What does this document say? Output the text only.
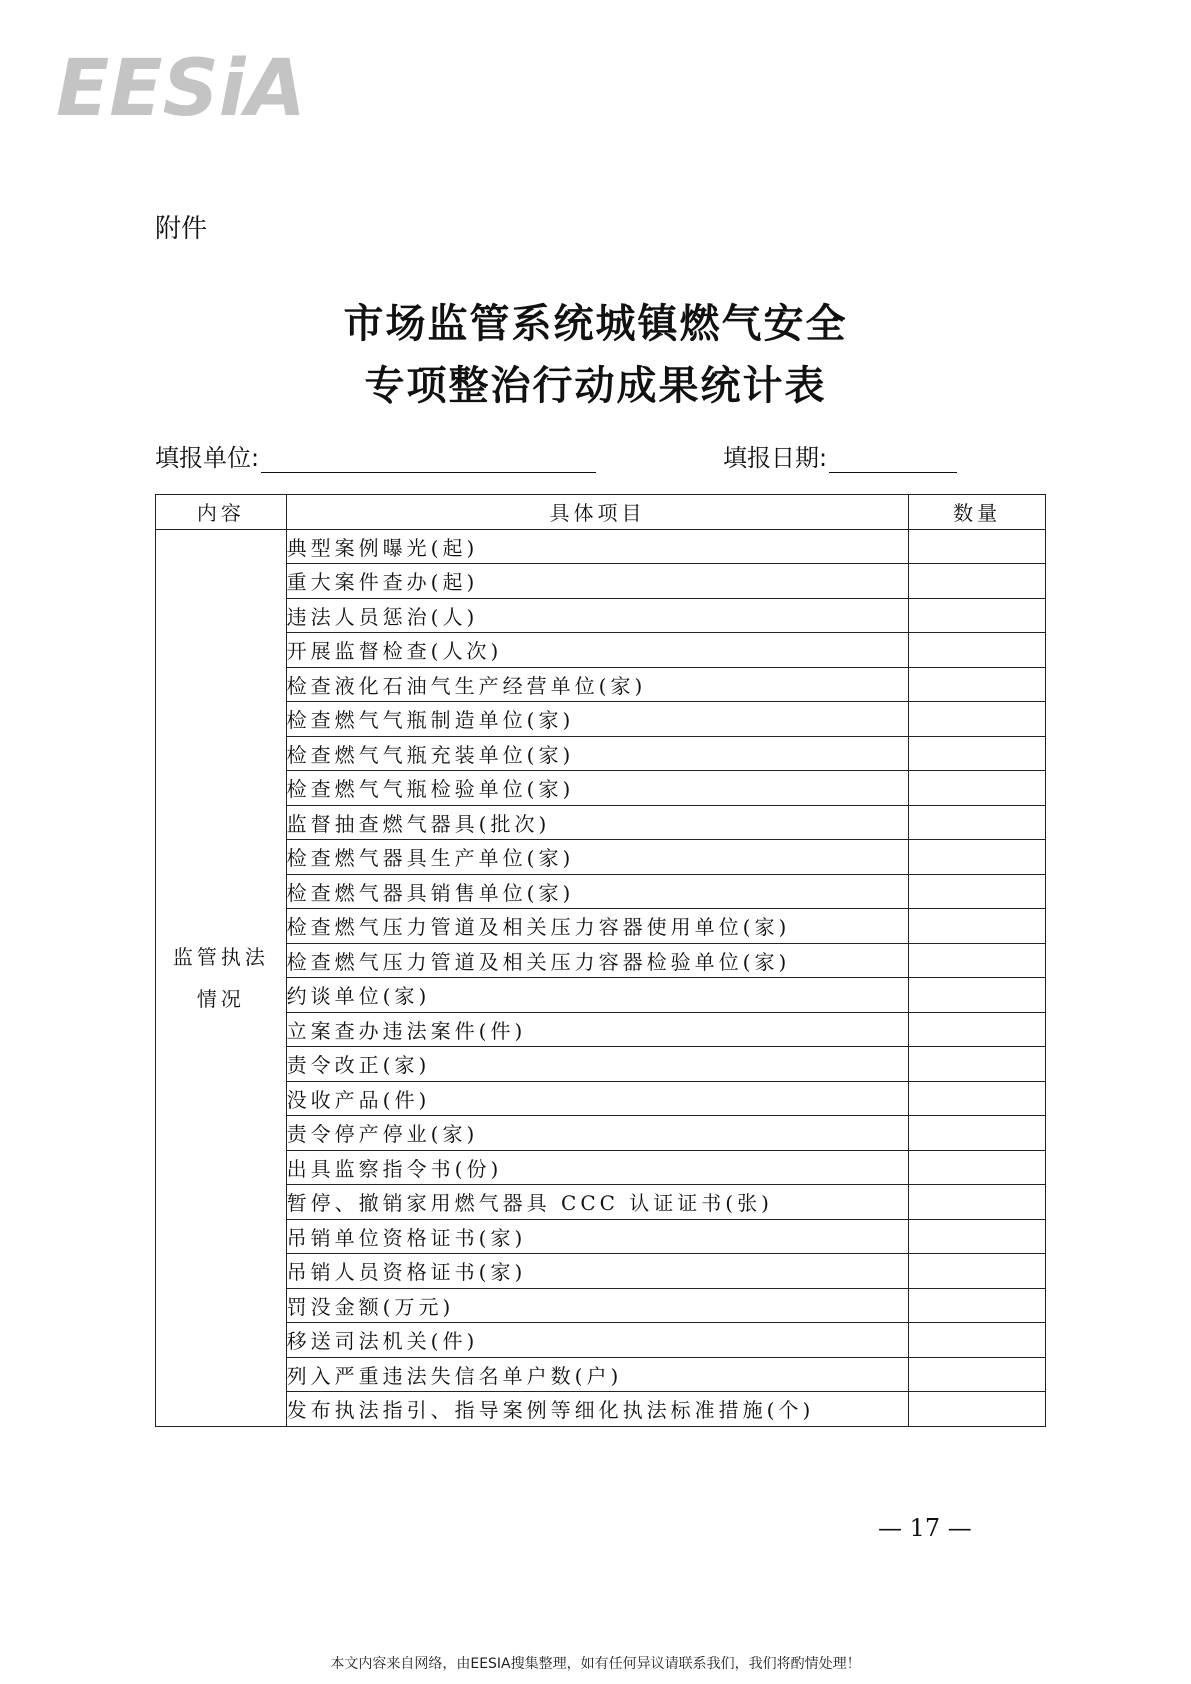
EESiA
附件
市场监管系统城镇燃气安全
专项整治行动成果统计表
填报单位:	填报日期:
内容	具体项目	数量

监管执法
情况	典型案例曝光(起)	
	重大案件查办(起)	
	违法人员惩治(人)	
	开展监督检查(人次)	
	检查液化石油气生产经营单位(家)	
	检查燃气气瓶制造单位(家)	
	检查燃气气瓶充装单位(家)	
	检查燃气气瓶检验单位(家)	
	监督抽查燃气器具(批次)	
	检查燃气器具生产单位(家)	
	检查燃气器具销售单位(家)	
	检查燃气压力管道及相关压力容器使用单位(家)	
	检查燃气压力管道及相关压力容器检验单位(家)	
	约谈单位(家)	
	立案查办违法案件(件)	
	责令改正(家)	
	没收产品(件)	
	责令停产停业(家)	
	出具监察指令书(份)	
	暂停、撤销家用燃气器具 CCC 认证证书(张)	
	吊销单位资格证书(家)	
	吊销人员资格证书(家)	
	罚没金额(万元)	
	移送司法机关(件)	
	列入严重违法失信名单户数(户)	
	发布执法指引、指导案例等细化执法标准措施(个)	
— 17 —
本文内容来自网络，由EESIA搜集整理，如有任何异议请联系我们，我们将酌情处理！
